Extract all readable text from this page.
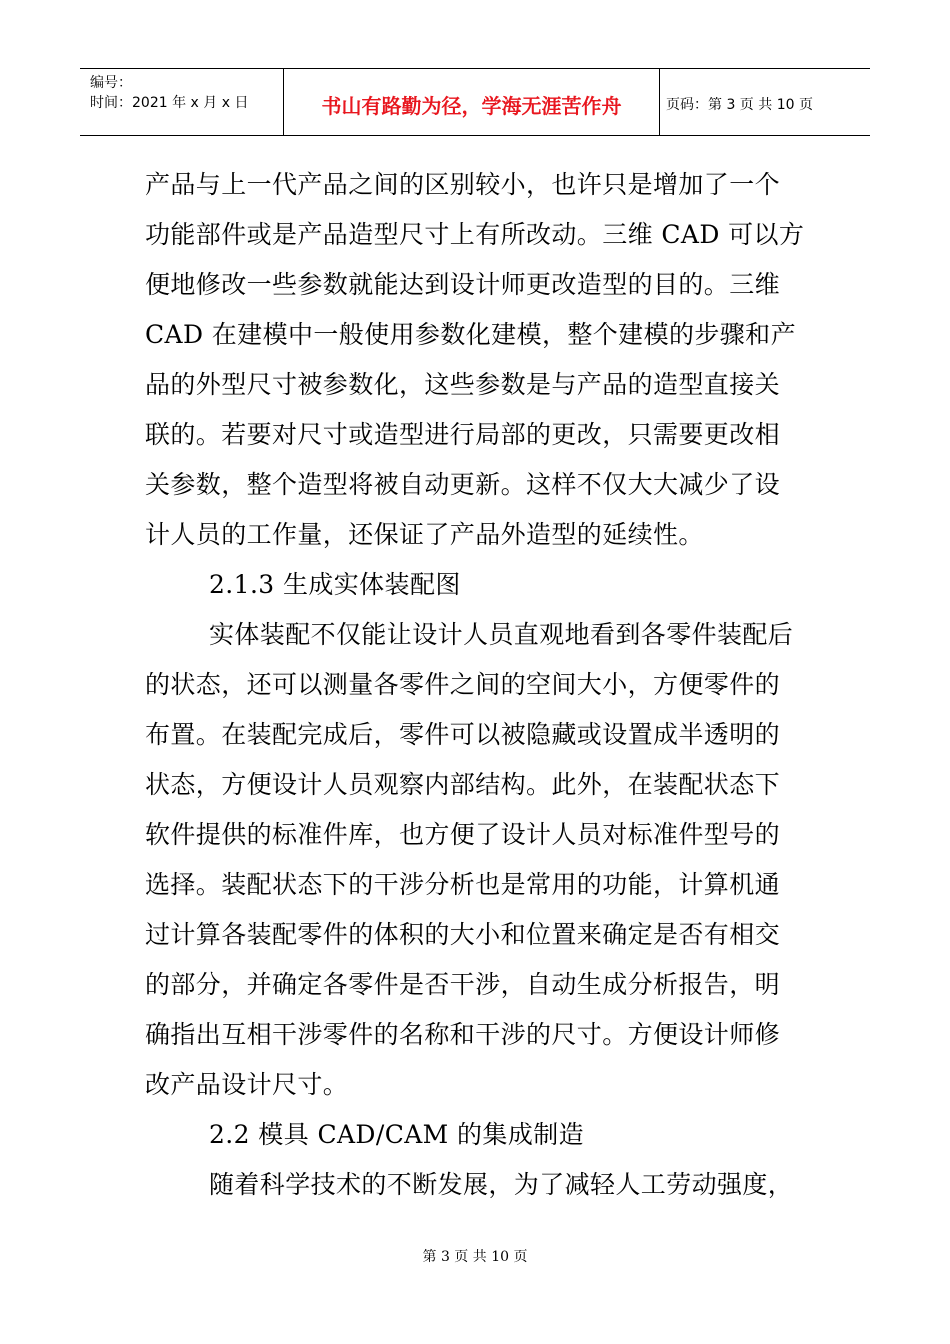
编号：
时间：2021 年 x 月 x 日	书山有路勤为径，学海无涯苦作舟	页码：第 3 页 共 10 页
产品与上一代产品之间的区别较小，也许只是增加了一个
功能部件或是产品造型尺寸上有所改动。三维 CAD 可以方
便地修改一些参数就能达到设计师更改造型的目的。三维
CAD 在建模中一般使用参数化建模，整个建模的步骤和产
品的外型尺寸被参数化，这些参数是与产品的造型直接关
联的。若要对尺寸或造型进行局部的更改，只需要更改相
关参数，整个造型将被自动更新。这样不仅大大减少了设
计人员的工作量，还保证了产品外造型的延续性。
2.1.3 生成实体装配图
实体装配不仅能让设计人员直观地看到各零件装配后
的状态，还可以测量各零件之间的空间大小，方便零件的
布置。在装配完成后，零件可以被隐藏或设置成半透明的
状态，方便设计人员观察内部结构。此外，在装配状态下
软件提供的标准件库，也方便了设计人员对标准件型号的
选择。装配状态下的干涉分析也是常用的功能，计算机通
过计算各装配零件的体积的大小和位置来确定是否有相交
的部分，并确定各零件是否干涉，自动生成分析报告，明
确指出互相干涉零件的名称和干涉的尺寸。方便设计师修
改产品设计尺寸。
2.2 模具 CAD/CAM 的集成制造
随着科学技术的不断发展，为了减轻人工劳动强度，
第 3 页 共 10 页
